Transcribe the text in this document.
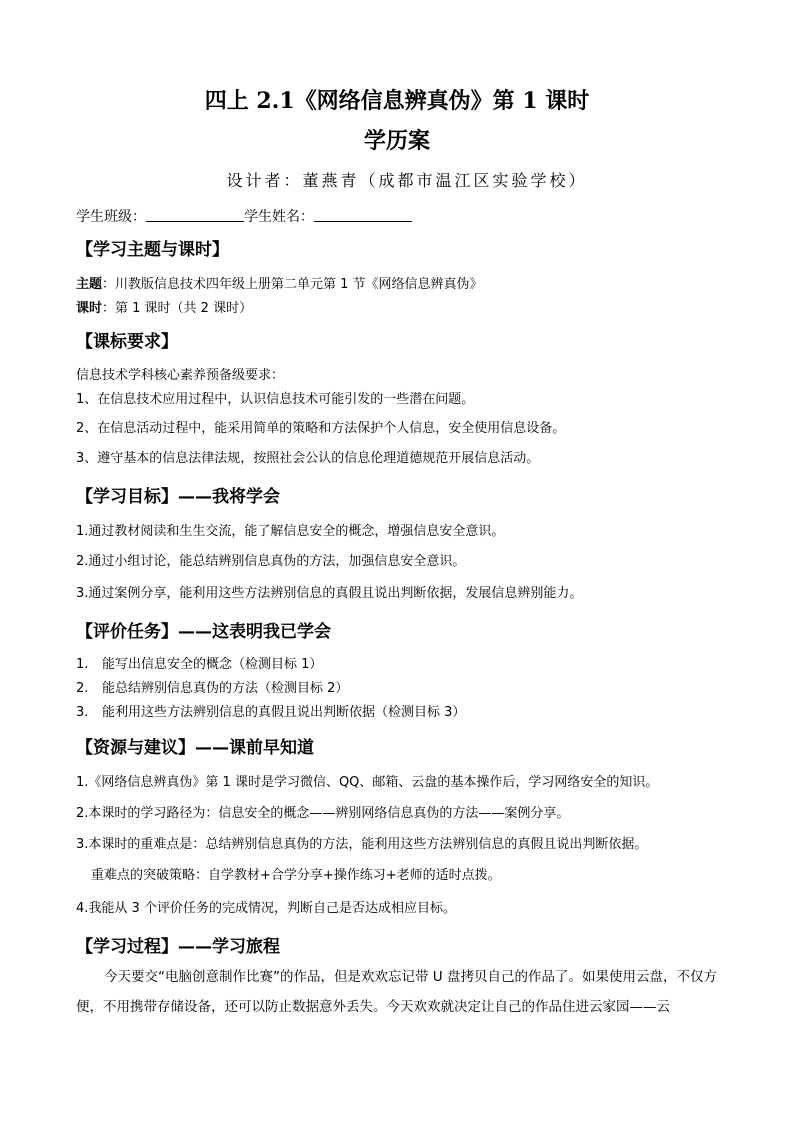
四上 2.1《网络信息辨真伪》第 1 课时
学历案
设计者：董燕青（成都市温江区实验学校）
学生班级：	学生姓名：
【学习主题与课时】
主题：川教版信息技术四年级上册第二单元第 1 节《网络信息辨真伪》
课时：第 1 课时（共 2 课时）
【课标要求】
信息技术学科核心素养预备级要求：
1、在信息技术应用过程中，认识信息技术可能引发的一些潜在问题。
2、在信息活动过程中，能采用简单的策略和方法保护个人信息，安全使用信息设备。
3、遵守基本的信息法律法规，按照社会公认的信息伦理道德规范开展信息活动。
【学习目标】——我将学会
1.通过教材阅读和生生交流，能了解信息安全的概念，增强信息安全意识。
2.通过小组讨论，能总结辨别信息真伪的方法，加强信息安全意识。
3.通过案例分享，能利用这些方法辨别信息的真假且说出判断依据，发展信息辨别能力。
【评价任务】——这表明我已学会
1. 能写出信息安全的概念（检测目标 1）
2. 能总结辨别信息真伪的方法（检测目标 2）
3. 能利用这些方法辨别信息的真假且说出判断依据（检测目标 3）
【资源与建议】——课前早知道
1.《网络信息辨真伪》第 1 课时是学习微信、QQ、邮箱、云盘的基本操作后，学习网络安全的知识。
2.本课时的学习路径为：信息安全的概念——辨别网络信息真伪的方法——案例分享。
3.本课时的重难点是：总结辨别信息真伪的方法，能利用这些方法辨别信息的真假且说出判断依据。
重难点的突破策略：自学教材+合学分享+操作练习+老师的适时点拨。
4.我能从 3 个评价任务的完成情况，判断自己是否达成相应目标。
【学习过程】——学习旅程
今天要交“电脑创意制作比赛”的作品，但是欢欢忘记带 U 盘拷贝自己的作品了。如果使用云盘，不仅方便，不用携带存储设备，还可以防止数据意外丢失。今天欢欢就决定让自己的作品住进云家园——云
